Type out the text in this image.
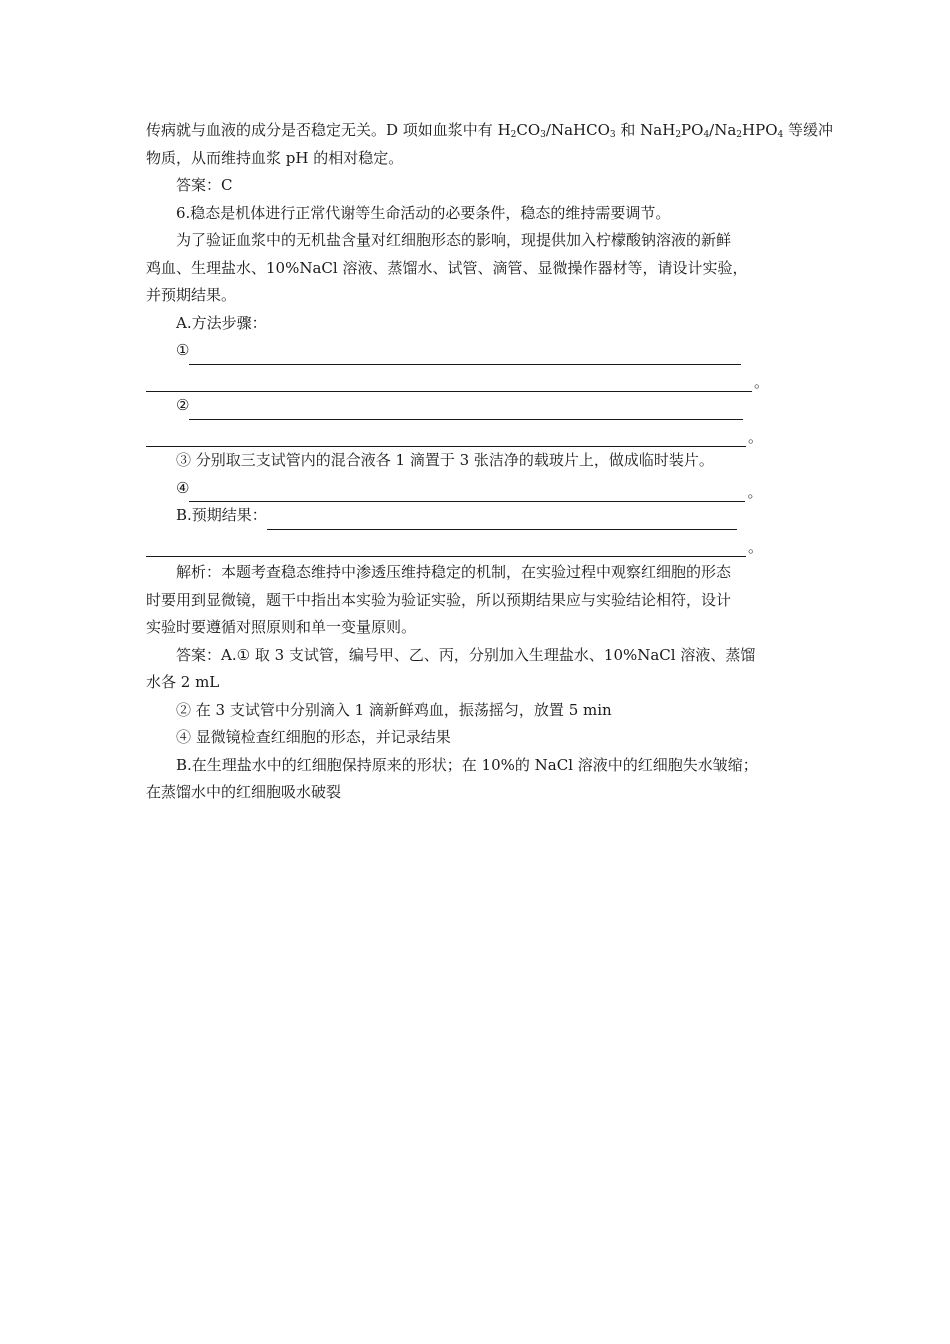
传病就与血液的成分是否稳定无关。D 项如血浆中有 $H_2CO_3/NaHCO_3$ 和 $NaH_2PO_4/Na_2HPO_4$ 等缓冲

物质，从而维持血浆 pH 的相对稳定。

答案：C

6.稳态是机体进行正常代谢等生命活动的必要条件，稳态的维持需要调节。

为了验证血浆中的无机盐含量对红细胞形态的影响，现提供加入柠檬酸钠溶液的新鲜

鸡血、生理盐水、10%NaCl 溶液、蒸馏水、试管、滴管、显微操作器材等，请设计实验，

并预期结果。

A.方法步骤：

①
。
②
。

③ 分别取三支试管内的混合液各 1 滴置于 3 张洁净的载玻片上，做成临时装片。

④	。
B.预期结果：
。

解析：本题考查稳态维持中渗透压维持稳定的机制，在实验过程中观察红细胞的形态

时要用到显微镜，题干中指出本实验为验证实验，所以预期结果应与实验结论相符，设计

实验时要遵循对照原则和单一变量原则。

答案：A.① 取 3 支试管，编号甲、乙、丙，分别加入生理盐水、10%NaCl 溶液、蒸馏

水各 2 mL

② 在 3 支试管中分别滴入 1 滴新鲜鸡血，振荡摇匀，放置 5 min

④ 显微镜检查红细胞的形态，并记录结果

B.在生理盐水中的红细胞保持原来的形状；在 10%的 NaCl 溶液中的红细胞失水皱缩；

在蒸馏水中的红细胞吸水破裂
